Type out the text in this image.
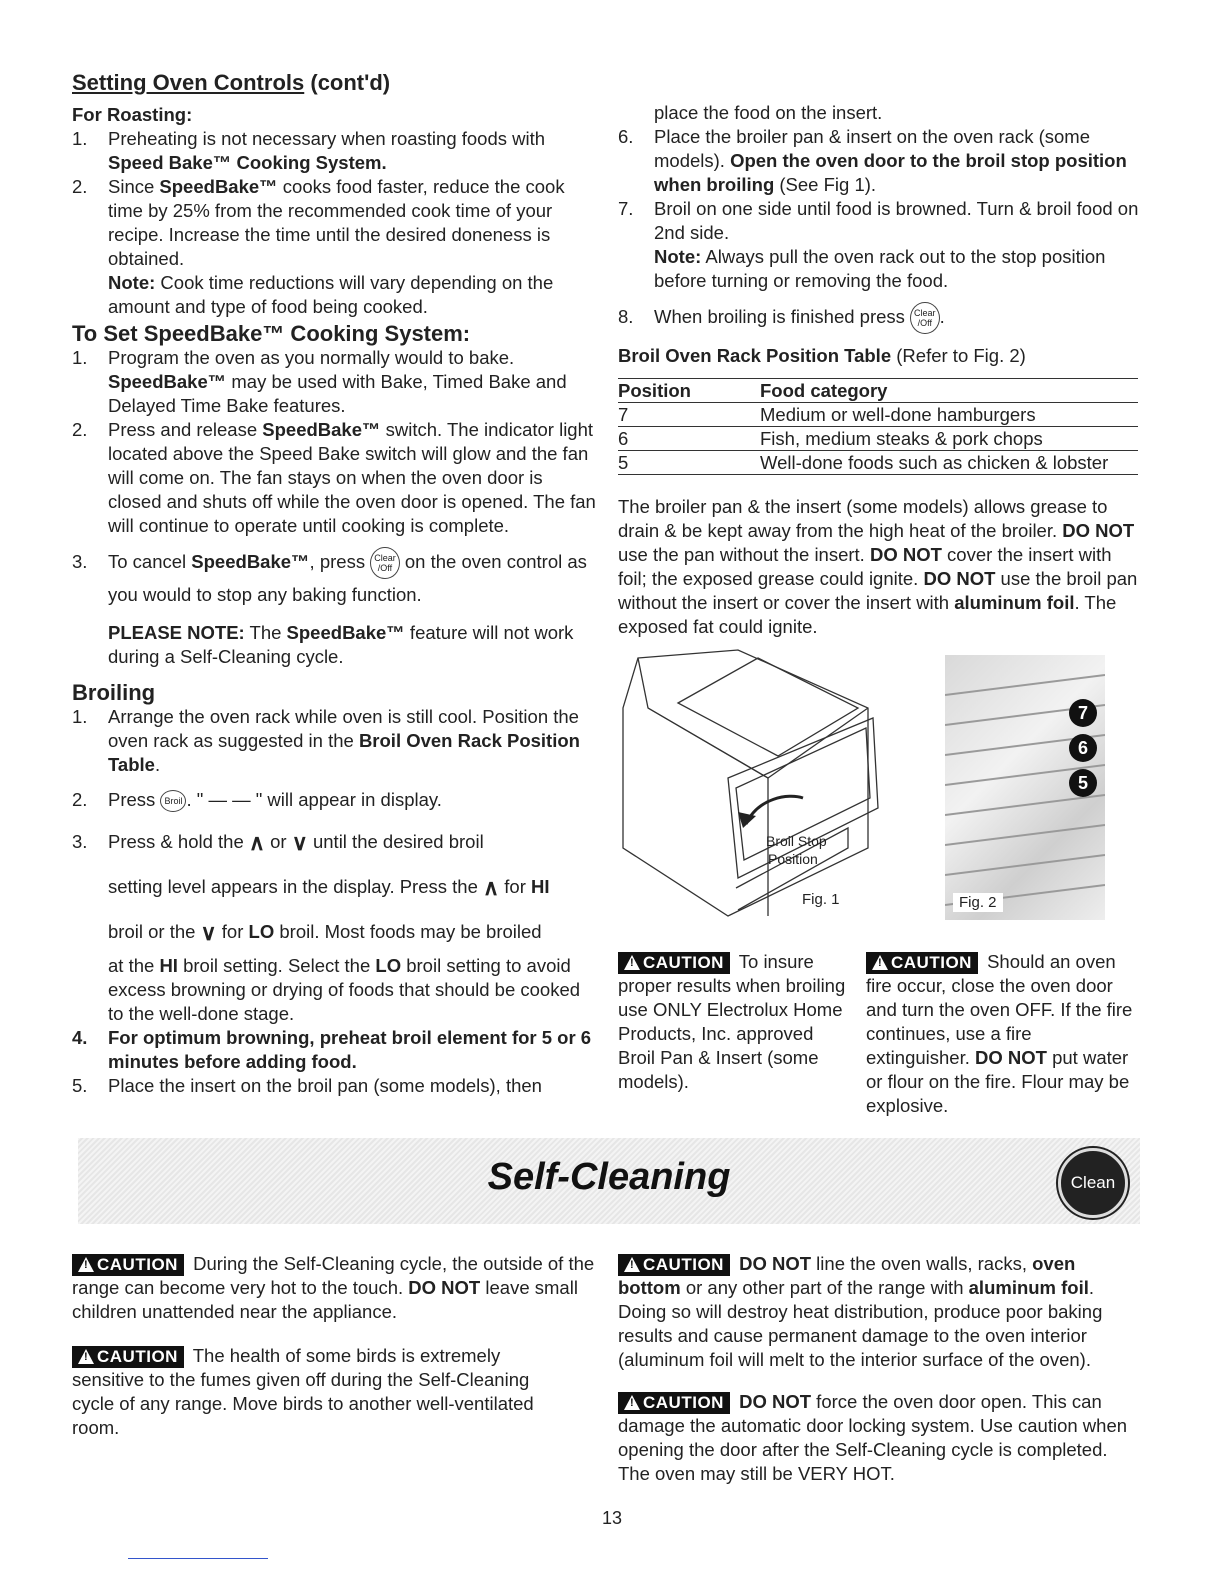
Setting Oven Controls (cont'd)
For Roasting:
1. Preheating is not necessary when roasting foods with Speed Bake™ Cooking System.
2. Since SpeedBake™ cooks food faster, reduce the cook time by 25% from the recommended cook time of your recipe. Increase the time until the desired doneness is obtained.
Note: Cook time reductions will vary depending on the amount and type of food being cooked.
To Set SpeedBake™ Cooking System:
1. Program the oven as you normally would to bake. SpeedBake™ may be used with Bake, Timed Bake and Delayed Time Bake features.
2. Press and release SpeedBake™ switch. The indicator light located above the Speed Bake switch will glow and the fan will come on. The fan stays on when the oven door is closed and shuts off while the oven door is opened. The fan will continue to operate until cooking is complete.
3. To cancel SpeedBake™, press Clear
/Off on the oven control as you would to stop any baking function.
PLEASE NOTE: The SpeedBake™ feature will not work during a Self-Cleaning cycle.
Broiling
1. Arrange the oven rack while oven is still cool. Position the oven rack as suggested in the Broil Oven Rack Position Table.
2. Press Broil . " — — " will appear in display.
3. Press & hold the ∧ or ∨ until the desired broil
setting level appears in the display. Press the ∧ for HI
broil or the ∨ for LO broil. Most foods may be broiled
at the HI broil setting. Select the LO broil setting to avoid excess browning or drying of foods that should be cooked to the well-done stage.
4. For optimum browning, preheat broil element for 5 or 6 minutes before adding food.
5. Place the insert on the broil pan (some models), then
place the food on the insert.
6. Place the broiler pan & insert on the oven rack (some models). Open the oven door to the broil stop position when broiling (See Fig 1).
7. Broil on one side until food is browned. Turn & broil food on 2nd side.
Note: Always pull the oven rack out to the stop position before turning or removing the food.
8. When broiling is finished press Clear
/Off .
Broil Oven Rack Position Table (Refer to Fig. 2)
Position	Food category
7	Medium or well-done hamburgers
6	Fish, medium steaks & pork chops
5	Well-done foods such as chicken & lobster
The broiler pan & the insert (some models) allows grease to drain & be kept away from the high heat of the broiler. DO NOT use the pan without the insert. DO NOT cover the insert with foil; the exposed grease could ignite. DO NOT use the broil pan without the insert or cover the insert with aluminum foil. The exposed fat could ignite.
Broil Stop
Position
Fig. 1
7
6
5
Fig. 2
!CAUTION To insure proper results when broiling use ONLY Electrolux Home Products, Inc. approved Broil Pan & Insert (some models).
!CAUTION Should an oven fire occur, close the oven door and turn the oven OFF. If the fire continues, use a fire extinguisher. DO NOT put water or flour on the fire. Flour may be explosive.
Self-Cleaning	Clean
!CAUTION During the Self-Cleaning cycle, the outside of the range can become very hot to the touch. DO NOT leave small children unattended near the appliance.
!CAUTION The health of some birds is extremely sensitive to the fumes given off during the Self-Cleaning cycle of any range. Move birds to another well-ventilated room.
!CAUTION DO NOT line the oven walls, racks, oven bottom or any other part of the range with aluminum foil. Doing so will destroy heat distribution, produce poor baking results and cause permanent damage to the oven interior (aluminum foil will melt to the interior surface of the oven).
!CAUTION DO NOT force the oven door open. This can damage the automatic door locking system. Use caution when opening the door after the Self-Cleaning cycle is completed. The oven may still be VERY HOT.
13
